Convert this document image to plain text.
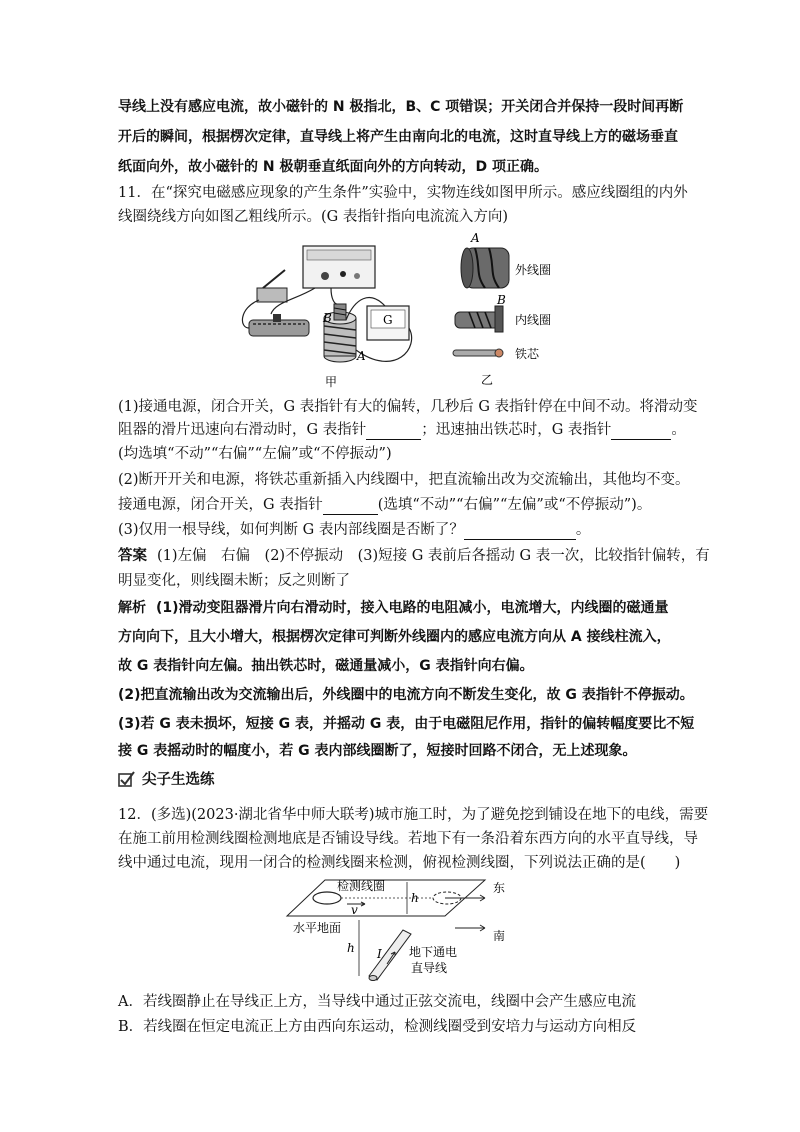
导线上没有感应电流，故小磁针的 N 极指北，B、C 项错误；开关闭合并保持一段时间再断
开后的瞬间，根据楞次定律，直导线上将产生由南向北的电流，这时直导线上方的磁场垂直
纸面向外，故小磁针的 N 极朝垂直纸面向外的方向转动，D 项正确。
11．在“探究电磁感应现象的产生条件”实验中，实物连线如图甲所示。感应线圈组的内外
线圈绕线方向如图乙粗线所示。(G 表指针指向电流流入方向)
B
A
G
甲
A
外线圈
B
内线圈
铁芯
乙
(1)接通电源，闭合开关，G 表指针有大的偏转，几秒后 G 表指针停在中间不动。将滑动变
阻器的滑片迅速向右滑动时，G 表指针	；迅速抽出铁芯时，G 表指针	。
(均选填“不动”“右偏”“左偏”或“不停振动”)
(2)断开开关和电源，将铁芯重新插入内线圈中，把直流输出改为交流输出，其他均不变。
接通电源，闭合开关，G 表指针	(选填“不动”“右偏”“左偏”或“不停振动”)。
(3)仅用一根导线，如何判断 G 表内部线圈是否断了？	。
答案 (1)左偏　右偏　(2)不停振动　(3)短接 G 表前后各摇动 G 表一次，比较指针偏转，有
明显变化，则线圈未断；反之则断了
解析 (1)滑动变阻器滑片向右滑动时，接入电路的电阻减小，电流增大，内线圈的磁通量
方向向下，且大小增大，根据楞次定律可判断外线圈内的感应电流方向从 A 接线柱流入，
故 G 表指针向左偏。抽出铁芯时，磁通量减小，G 表指针向右偏。
(2)把直流输出改为交流输出后，外线圈中的电流方向不断发生变化，故 G 表指针不停振动。
(3)若 G 表未损坏，短接 G 表，并摇动 G 表，由于电磁阻尼作用，指针的偏转幅度要比不短
接 G 表摇动时的幅度小，若 G 表内部线圈断了，短接时回路不闭合，无上述现象。
尖子生选练
12．(多选)(2023·湖北省华中师大联考)城市施工时，为了避免挖到铺设在地下的电线，需要
在施工前用检测线圈检测地底是否铺设导线。若地下有一条沿着东西方向的水平直导线，导
线中通过电流，现用一闭合的检测线圈来检测，俯视检测线圈，下列说法正确的是(　　)
检测线圈
v
h
东
南
水平地面
h I 地下通电
直导线
A．若线圈静止在导线正上方，当导线中通过正弦交流电，线圈中会产生感应电流
B．若线圈在恒定电流正上方由西向东运动，检测线圈受到安培力与运动方向相反
